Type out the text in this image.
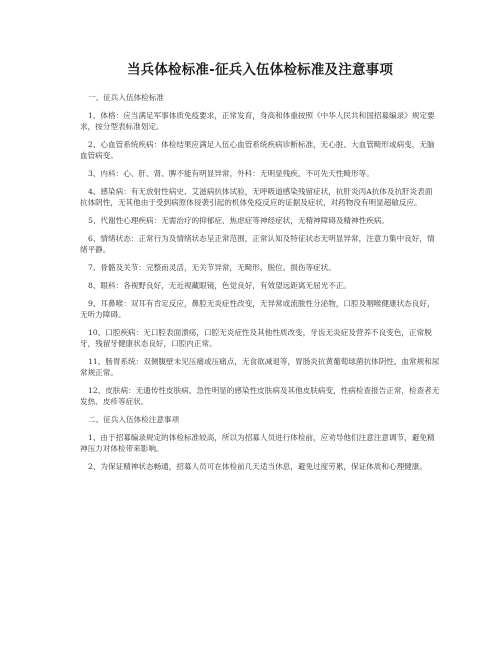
当兵体检标准-征兵入伍体检标准及注意事项
一、征兵入伍体检标准

1、体格：应当满足军事体质免疫要求，正常发育，身高和体重按照《中华人民共和国招募编录》规定要求，按分型表标准划定。

2、心血管系统疾病：体检结果应满足入伍心血管系统疾病诊断标准，无心脏、大血管畸形或病变，无脑血管病变。

3、内科：心、肝、肾、脾不能有明显异常。外科：无明显残疾，不可先天性畸形等。

4、感染病：有无放射性病史、艾滋病抗体试验，无呼吸道感染残留症状，抗肝炎丙A抗体及抗肝炎表面抗体阴性，无其他由于受到病原体侵袭引起的机体免疫反应的证据及症状，对药物没有明显超敏反应。

5、代谢性心理疾病：无需治疗的抑郁症、焦虑症等神经症状，无精神障碍及精神性疾病。

6、情绪状态：正常行为及情绪状态呈正常范围，正常认知及特征状态无明显异常，注意力集中良好，情绪平静。

7、骨骼及关节：完整而灵活，无关节异常，无畸形、脱位、损伤等症状。

8、眼科：各视野良好，无近视藏眼镜，色觉良好，有效望远距离无屈光不正。

9、耳鼻喉：双耳有肯定反应，鼻腔无炎症性改变，无异常或流脓性分泌物，口腔及咽喉健康状态良好，无听力障碍。

10、口腔疾病：无口腔表面溃疡，口腔无炎症性及其他性质改变，牙齿无炎症及营养不良变色，正常脱牙，残留牙健康状态良好，口腔内正常。

11、肠胃系统：双侧腹壁未见压痛或压痛点，无食欲减退等，胃肠炎抗黄葡萄球菌抗体阴性，血常规和尿常规正常。

12、皮肤病：无遗传性皮肤病、急性明显的感染性皮肤病及其他皮肤病变，性病检查报告正常，检查者无发热、皮疹等症状。

二、征兵入伍体检注意事项

1、由于招募编录规定的体检标准较高，所以为招募人员进行体检前，应劝导他们注意注意调节，避免精神压力对体检带来影响。

2、为保证精神状态畅通，招募人员可在体检前几天适当休息，避免过度劳累，保证体质和心理健康。
